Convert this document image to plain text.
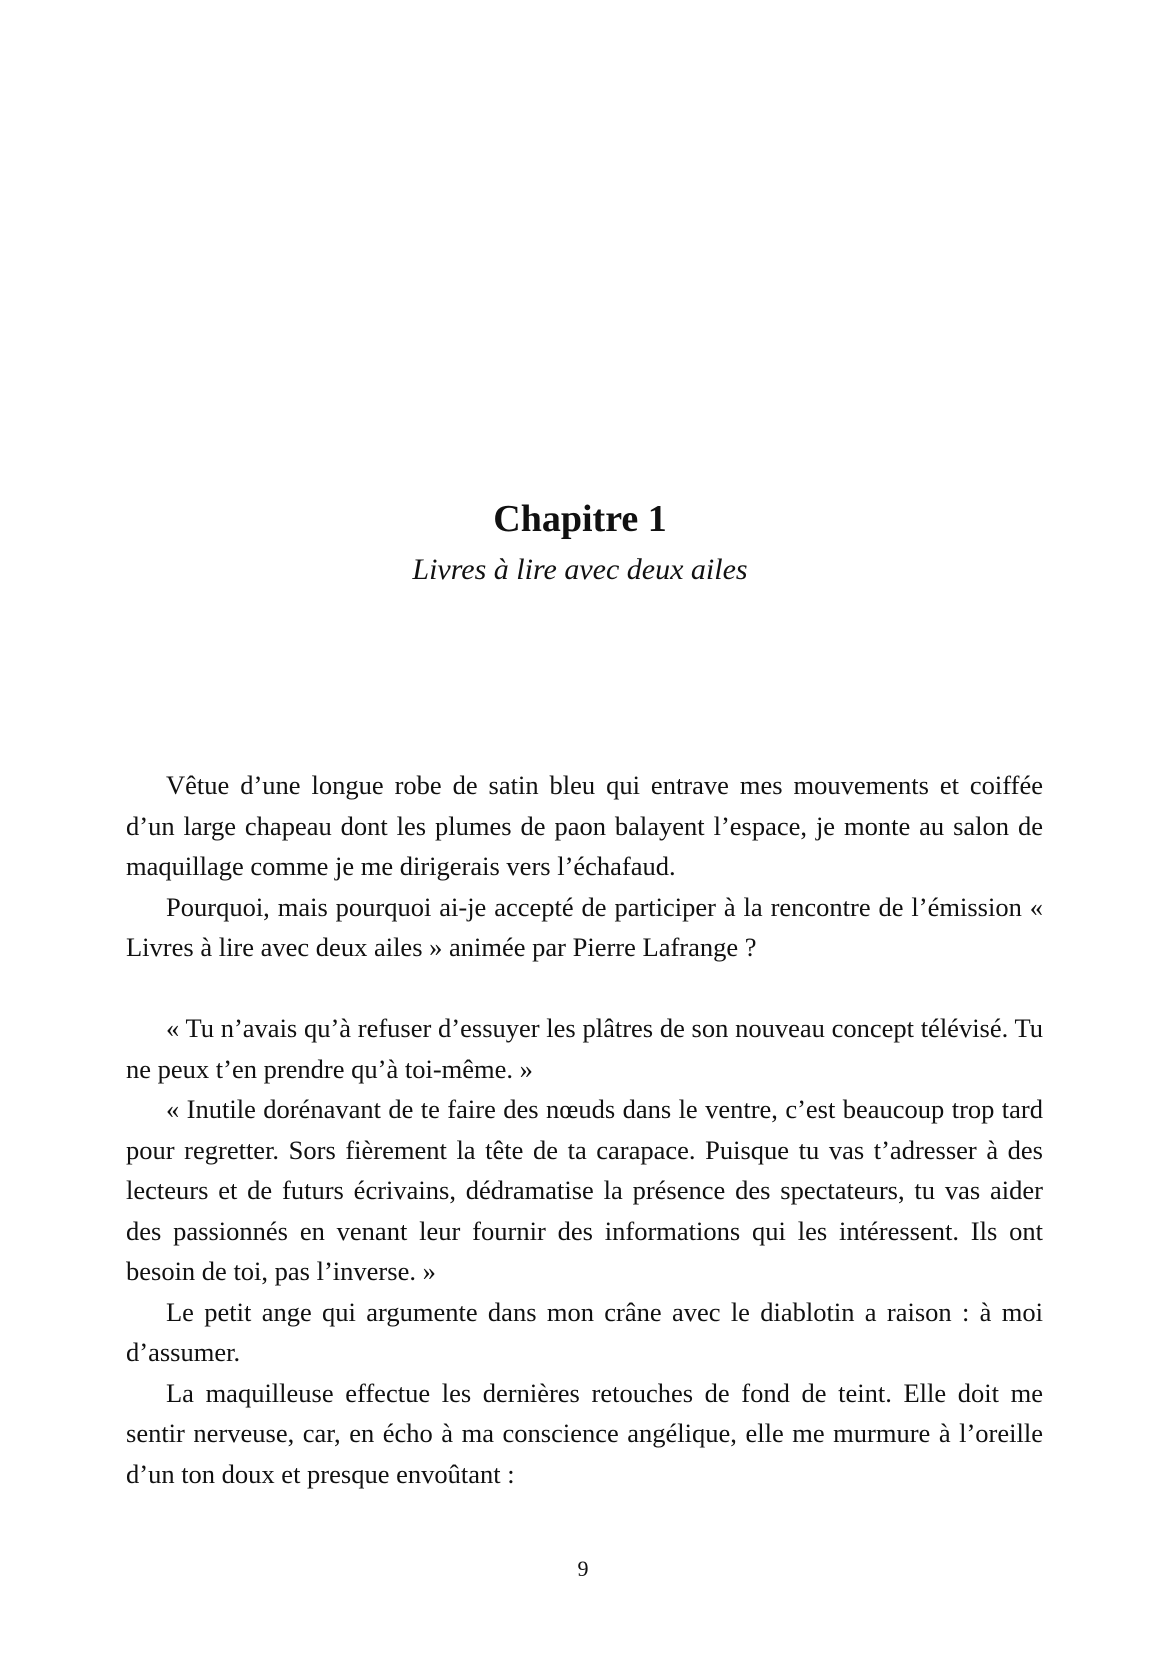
Chapitre 1
Livres à lire avec deux ailes

Vêtue d’une longue robe de satin bleu qui entrave mes mouvements et coiffée d’un large chapeau dont les plumes de paon balayent l’espace, je monte au salon de maquillage comme je me dirigerais vers l’échafaud.

Pourquoi, mais pourquoi ai-je accepté de participer à la rencontre de l’émission « Livres à lire avec deux ailes » animée par Pierre Lafrange ?

« Tu n’avais qu’à refuser d’essuyer les plâtres de son nouveau concept télévisé. Tu ne peux t’en prendre qu’à toi-même. »

« Inutile dorénavant de te faire des nœuds dans le ventre, c’est beaucoup trop tard pour regretter. Sors fièrement la tête de ta carapace. Puisque tu vas t’adresser à des lecteurs et de futurs écrivains, dédramatise la présence des spectateurs, tu vas aider des passionnés en venant leur fournir des informations qui les intéressent. Ils ont besoin de toi, pas l’inverse. »

Le petit ange qui argumente dans mon crâne avec le diablotin a raison : à moi d’assumer.

La maquilleuse effectue les dernières retouches de fond de teint. Elle doit me sentir nerveuse, car, en écho à ma conscience angélique, elle me murmure à l’oreille d’un ton doux et presque envoûtant :

9
